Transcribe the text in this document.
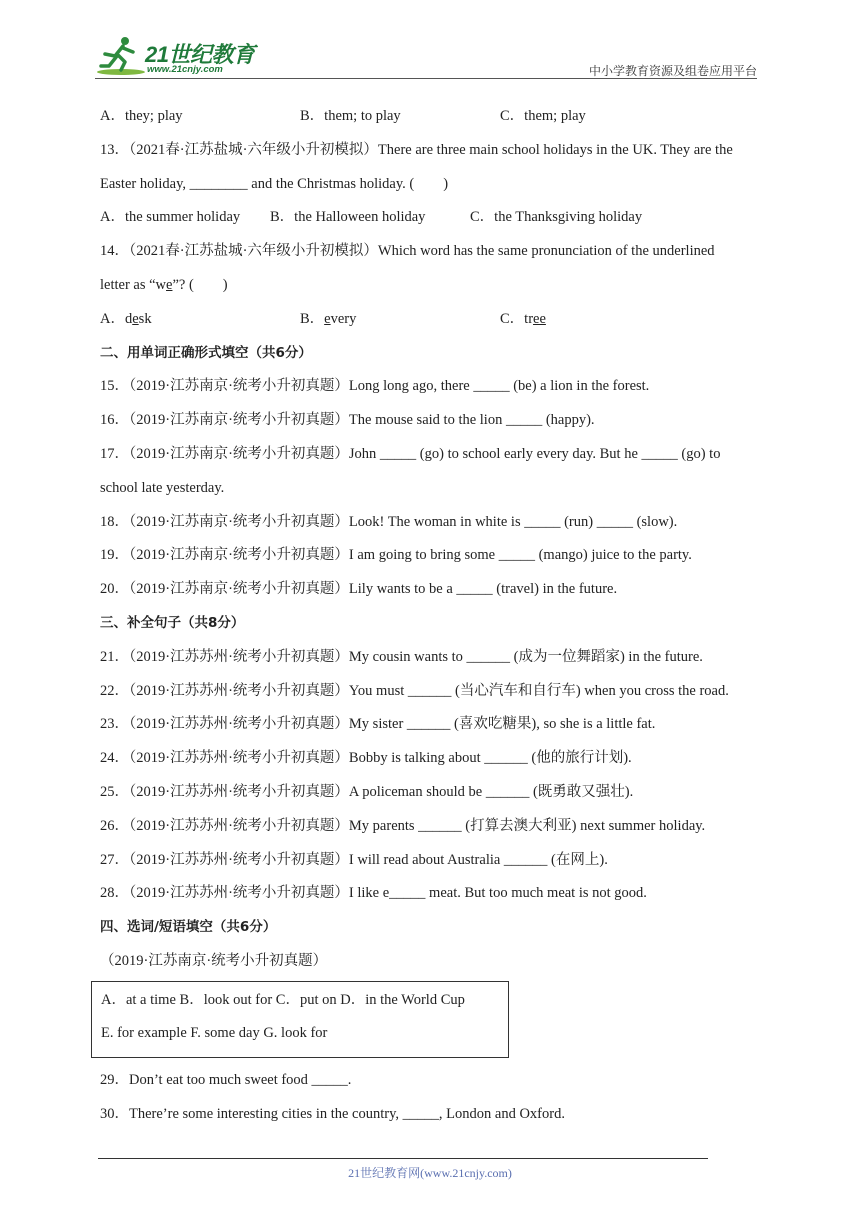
21世纪教育
www.21cnjy.com	中小学教育资源及组卷应用平台
A．they; play	B．them; to play	C．them; play
13．（2021春·江苏盐城·六年级小升初模拟）There are three main school holidays in the UK. They are the
Easter holiday, ________ and the Christmas holiday. (　　)
A．the summer holiday	B．the Halloween holiday	C．the Thanksgiving holiday
14．（2021春·江苏盐城·六年级小升初模拟）Which word has the same pronunciation of the underlined
letter as “we”? (　　)
A．desk	B．every	C．tree
二、用单词正确形式填空（共6分）
15．（2019·江苏南京·统考小升初真题）Long long ago, there _____ (be) a lion in the forest.
16．（2019·江苏南京·统考小升初真题）The mouse said to the lion _____ (happy).
17．（2019·江苏南京·统考小升初真题）John _____ (go) to school early every day. But he _____ (go) to
school late yesterday.
18．（2019·江苏南京·统考小升初真题）Look! The woman in white is _____ (run) _____ (slow).
19．（2019·江苏南京·统考小升初真题）I am going to bring some _____ (mango) juice to the party.
20．（2019·江苏南京·统考小升初真题）Lily wants to be a _____ (travel) in the future.
三、补全句子（共8分）
21．（2019·江苏苏州·统考小升初真题）My cousin wants to ______ (成为一位舞蹈家) in the future.
22．（2019·江苏苏州·统考小升初真题）You must ______ (当心汽车和自行车) when you cross the road.
23．（2019·江苏苏州·统考小升初真题）My sister ______ (喜欢吃糖果), so she is a little fat.
24．（2019·江苏苏州·统考小升初真题）Bobby is talking about ______ (他的旅行计划).
25．（2019·江苏苏州·统考小升初真题）A policeman should be ______ (既勇敢又强壮).
26．（2019·江苏苏州·统考小升初真题）My parents ______ (打算去澳大利亚) next summer holiday.
27．（2019·江苏苏州·统考小升初真题）I will read about Australia ______ (在网上).
28．（2019·江苏苏州·统考小升初真题）I like e_____ meat. But too much meat is not good.
四、选词/短语填空（共6分）
（2019·江苏南京·统考小升初真题）
A．at a time B．look out for C．put on D．in the World Cup
E. for example F. some day G. look for
29．Don’t eat too much sweet food _____.
30．There’re some interesting cities in the country, _____, London and Oxford.
21世纪教育网(www.21cnjy.com)
